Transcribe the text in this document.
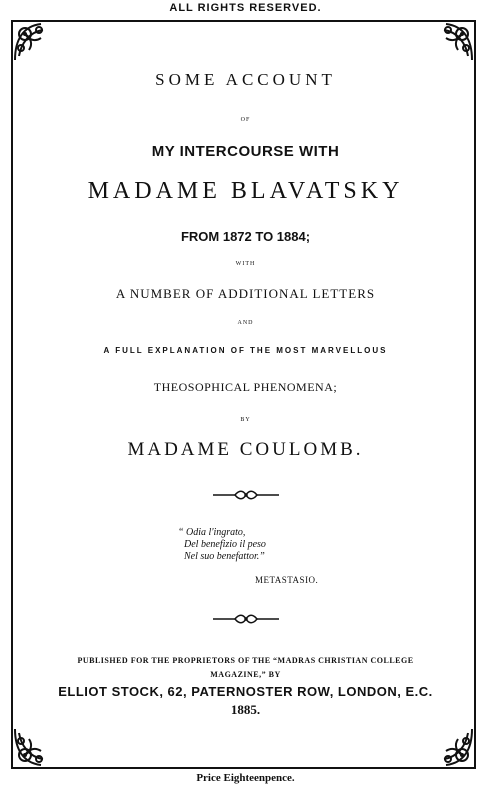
ALL RIGHTS RESERVED.
SOME ACCOUNT
OF
MY INTERCOURSE WITH
MADAME BLAVATSKY
FROM 1872 TO 1884;
WITH
A NUMBER OF ADDITIONAL LETTERS
AND
A FULL EXPLANATION OF THE MOST MARVELLOUS
THEOSOPHICAL PHENOMENA;
BY
MADAME COULOMB.
“ Odia l'ingrato,
Del benefizio il peso
Nel suo benefattor.”
METASTASIO.
PUBLISHED FOR THE PROPRIETORS OF THE “MADRAS CHRISTIAN COLLEGE
MAGAZINE,” BY
ELLIOT STOCK, 62, PATERNOSTER ROW, LONDON, E.C.
1885.
Price Eighteenpence.
